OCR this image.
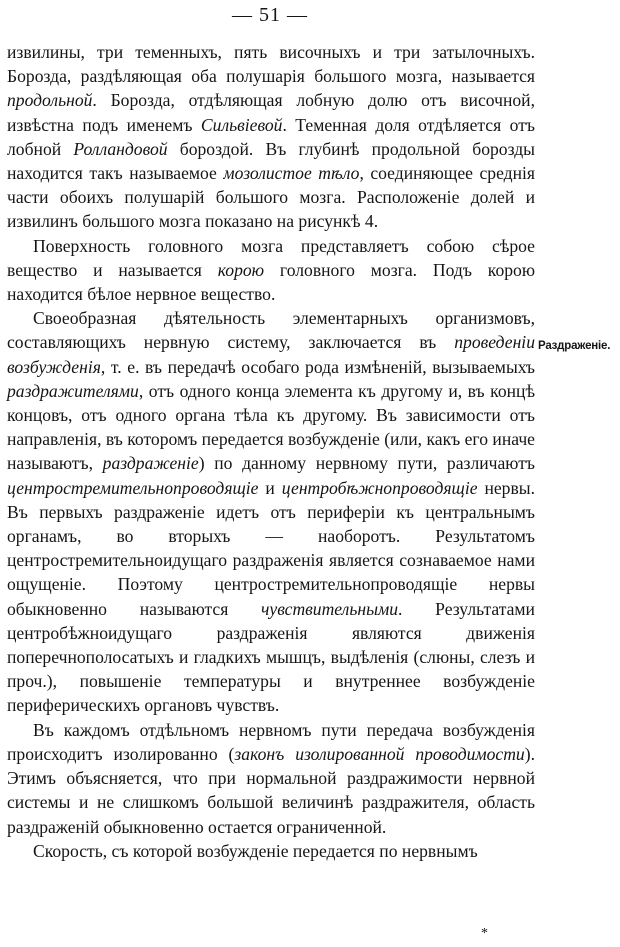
— 51 —

извилины, три теменныхъ, пять височныхъ и три затылочныхъ. Борозда, раздѣляющая оба полушарія большого мозга, называется продольной. Борозда, отдѣляющая лобную долю отъ височной, извѣстна подъ именемъ Сильвіевой. Теменная доля отдѣляется отъ лобной Ролландовой бороздой. Въ глубинѣ продольной борозды находится такъ называемое мозолистое тѣло, соединяющее среднія части обоихъ полушарій большого мозга. Расположеніе долей и извилинъ большого мозга показано на рисункѣ 4.

Поверхность головного мозга представляетъ собою сѣрое вещество и называется корою головного мозга. Подъ корою находится бѣлое нервное вещество.

Своеобразная дѣятельность элементарныхъ организмовъ, составляющихъ нервную систему, заключается въ проведеніи возбужденія, т. е. въ передачѣ особаго рода измѣненій, вызываемыхъ раздражителями, отъ одного конца элемента къ другому и, въ концѣ концовъ, отъ одного органа тѣла къ другому. Въ зависимости отъ направленія, въ которомъ передается возбужденіе (или, какъ его иначе называютъ, раздраженіе) по данному нервному пути, различаютъ центростремительнопроводящіе и центробѣжнопроводящіе нервы. Въ первыхъ раздраженіе идетъ отъ периферіи къ центральнымъ органамъ, во вторыхъ — наоборотъ. Результатомъ центростремительноидущаго раздраженія является сознаваемое нами ощущеніе. Поэтому центростремительнопроводящіе нервы обыкновенно называются чувствительными. Результатами центробѣжноидущаго раздраженія являются движенія поперечнополосатыхъ и гладкихъ мышцъ, выдѣленія (слюны, слезъ и проч.), повышеніе температуры и внутреннее возбужденіе периферическихъ органовъ чувствъ.

Въ каждомъ отдѣльномъ нервномъ пути передача возбужденія происходитъ изолированно (законъ изолированной проводимости). Этимъ объясняется, что при нормальной раздражимости нервной системы и не слишкомъ большой величинѣ раздражителя, область раздраженій обыкновенно остается ограниченной.

Скорость, съ которой возбужденіе передается по нервнымъ

Раздраженіе.
*
